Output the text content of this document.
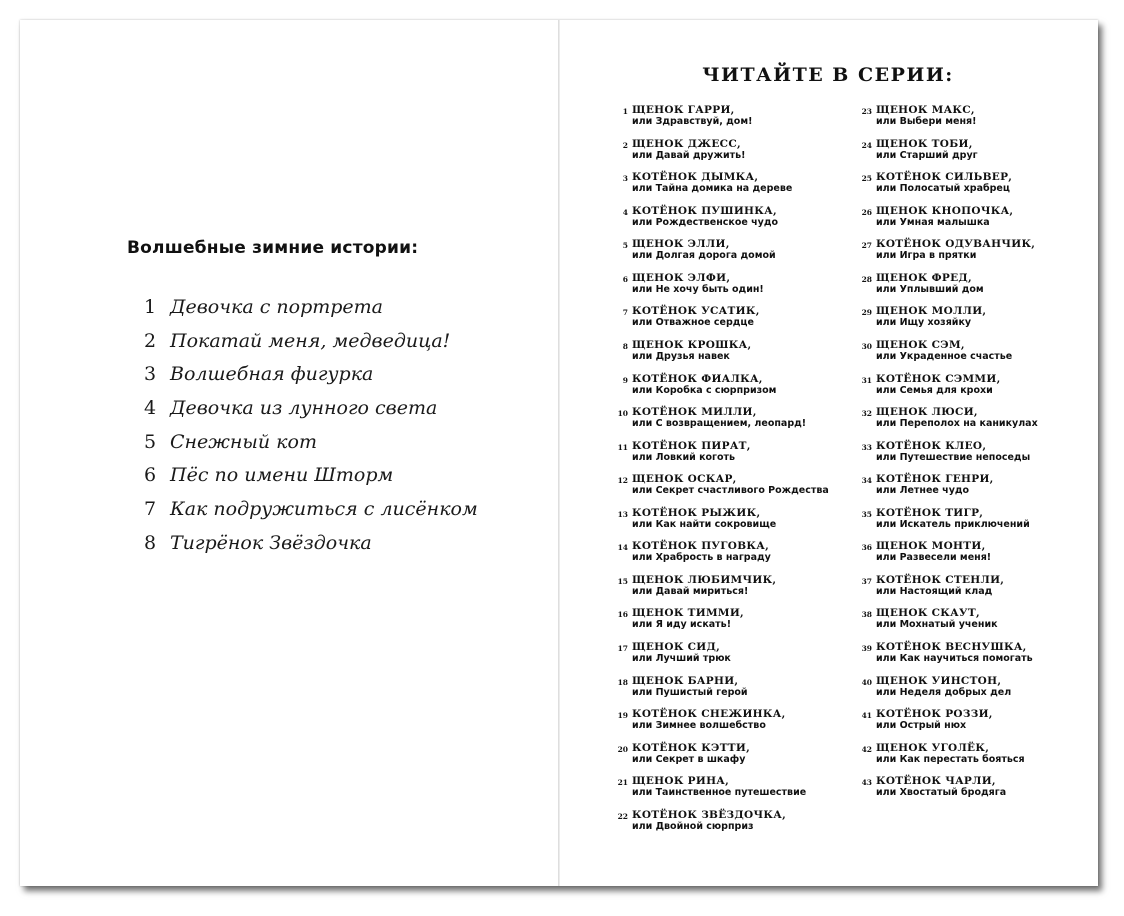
Волшебные зимние истории:
1 Девочка с портрета
2 Покатай меня, медведица!
3 Волшебная фигурка
4 Девочка из лунного света
5 Снежный кот
6 Пёс по имени Шторм
7 Как подружиться с лисёнком
8 Тигрёнок Звёздочка
ЧИТАЙТЕ В СЕРИИ:
1 ЩЕНОК ГАРРИ,
или Здравствуй, дом!
2 ЩЕНОК ДЖЕСС,
или Давай дружить!
3 КОТЁНОК ДЫМКА,
или Тайна домика на дереве
4 КОТЁНОК ПУШИНКА,
или Рождественское чудо
5 ЩЕНОК ЭЛЛИ,
или Долгая дорога домой
6 ЩЕНОК ЭЛФИ,
или Не хочу быть один!
7 КОТЁНОК УСАТИК,
или Отважное сердце
8 ЩЕНОК КРОШКА,
или Друзья навек
9 КОТЁНОК ФИАЛКА,
или Коробка с сюрпризом
10 КОТЁНОК МИЛЛИ,
или С возвращением, леопард!
11 КОТЁНОК ПИРАТ,
или Ловкий коготь
12 ЩЕНОК ОСКАР,
или Секрет счастливого Рождества
13 КОТЁНОК РЫЖИК,
или Как найти сокровище
14 КОТЁНОК ПУГОВКА,
или Храбрость в награду
15 ЩЕНОК ЛЮБИМЧИК,
или Давай мириться!
16 ЩЕНОК ТИММИ,
или Я иду искать!
17 ЩЕНОК СИД,
или Лучший трюк
18 ЩЕНОК БАРНИ,
или Пушистый герой
19 КОТЁНОК СНЕЖИНКА,
или Зимнее волшебство
20 КОТЁНОК КЭТТИ,
или Секрет в шкафу
21 ЩЕНОК РИНА,
или Таинственное путешествие
22 КОТЁНОК ЗВЁЗДОЧКА,
или Двойной сюрприз
23 ЩЕНОК МАКС,
или Выбери меня!
24 ЩЕНОК ТОБИ,
или Старший друг
25 КОТЁНОК СИЛЬВЕР,
или Полосатый храбрец
26 ЩЕНОК КНОПОЧКА,
или Умная малышка
27 КОТЁНОК ОДУВАНЧИК,
или Игра в прятки
28 ЩЕНОК ФРЕД,
или Уплывший дом
29 ЩЕНОК МОЛЛИ,
или Ищу хозяйку
30 ЩЕНОК СЭМ,
или Украденное счастье
31 КОТЁНОК СЭММИ,
или Семья для крохи
32 ЩЕНОК ЛЮСИ,
или Переполох на каникулах
33 КОТЁНОК КЛЕО,
или Путешествие непоседы
34 КОТЁНОК ГЕНРИ,
или Летнее чудо
35 КОТЁНОК ТИГР,
или Искатель приключений
36 ЩЕНОК МОНТИ,
или Развесели меня!
37 КОТЁНОК СТЕНЛИ,
или Настоящий клад
38 ЩЕНОК СКАУТ,
или Мохнатый ученик
39 КОТЁНОК ВЕСНУШКА,
или Как научиться помогать
40 ЩЕНОК УИНСТОН,
или Неделя добрых дел
41 КОТЁНОК РОЗЗИ,
или Острый нюх
42 ЩЕНОК УГОЛЁК,
или Как перестать бояться
43 КОТЁНОК ЧАРЛИ,
или Хвостатый бродяга
